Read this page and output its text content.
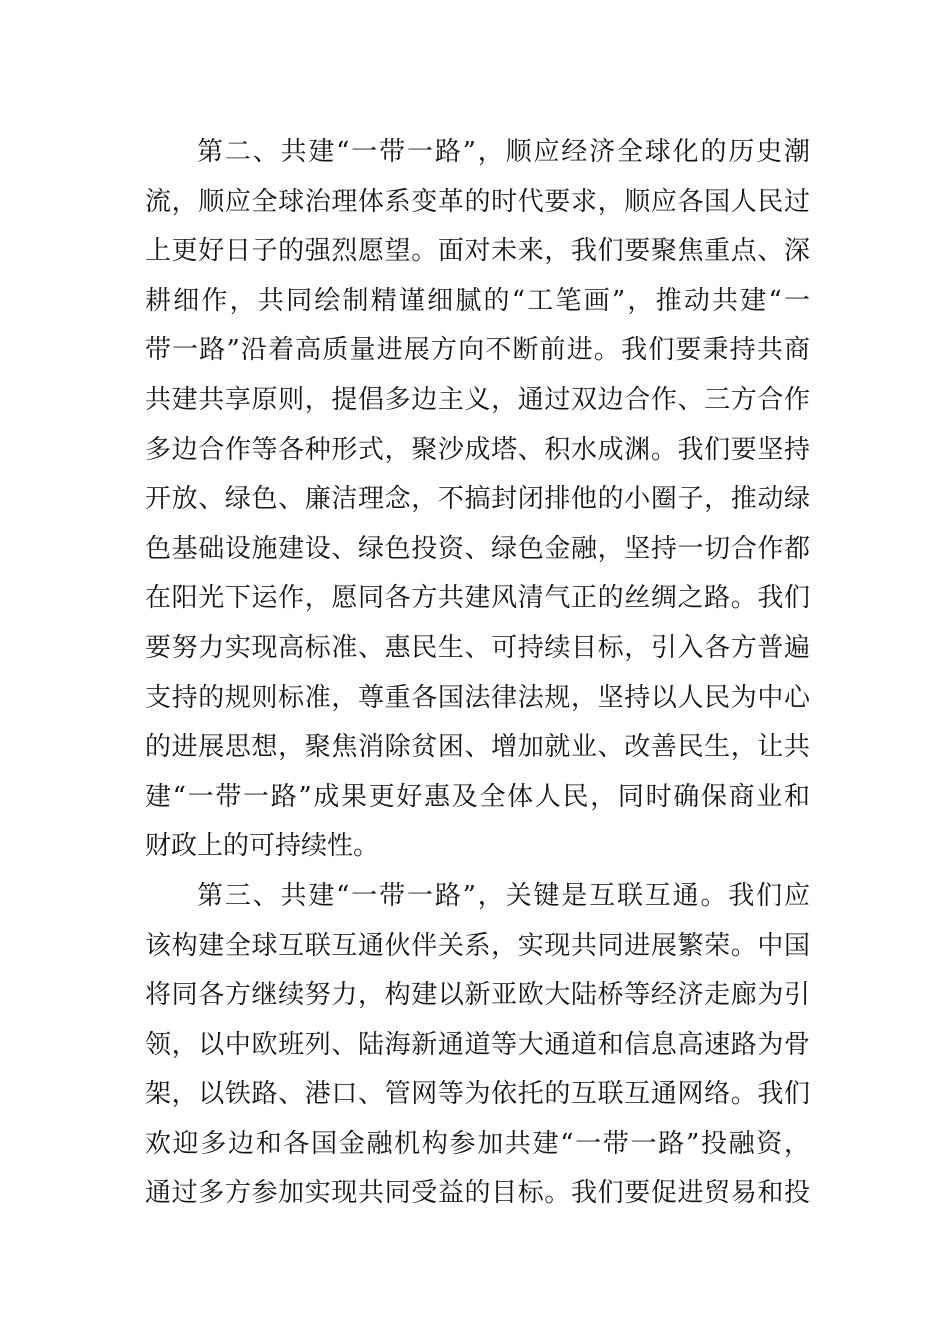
第二、共建“一带一路”，顺应经济全球化的历史潮
流，顺应全球治理体系变革的时代要求，顺应各国人民过
上更好日子的强烈愿望。面对未来，我们要聚焦重点、深
耕细作，共同绘制精谨细腻的“工笔画”，推动共建“一
带一路”沿着高质量进展方向不断前进。我们要秉持共商
共建共享原则，提倡多边主义，通过双边合作、三方合作
多边合作等各种形式，聚沙成塔、积水成渊。我们要坚持
开放、绿色、廉洁理念，不搞封闭排他的小圈子，推动绿
色基础设施建设、绿色投资、绿色金融，坚持一切合作都
在阳光下运作，愿同各方共建风清气正的丝绸之路。我们
要努力实现高标准、惠民生、可持续目标，引入各方普遍
支持的规则标准，尊重各国法律法规，坚持以人民为中心
的进展思想，聚焦消除贫困、增加就业、改善民生，让共
建“一带一路”成果更好惠及全体人民，同时确保商业和
财政上的可持续性。
第三、共建“一带一路”，关键是互联互通。我们应
该构建全球互联互通伙伴关系，实现共同进展繁荣。中国
将同各方继续努力，构建以新亚欧大陆桥等经济走廊为引
领，以中欧班列、陆海新通道等大通道和信息高速路为骨
架，以铁路、港口、管网等为依托的互联互通网络。我们
欢迎多边和各国金融机构参加共建“一带一路”投融资，
通过多方参加实现共同受益的目标。我们要促进贸易和投
